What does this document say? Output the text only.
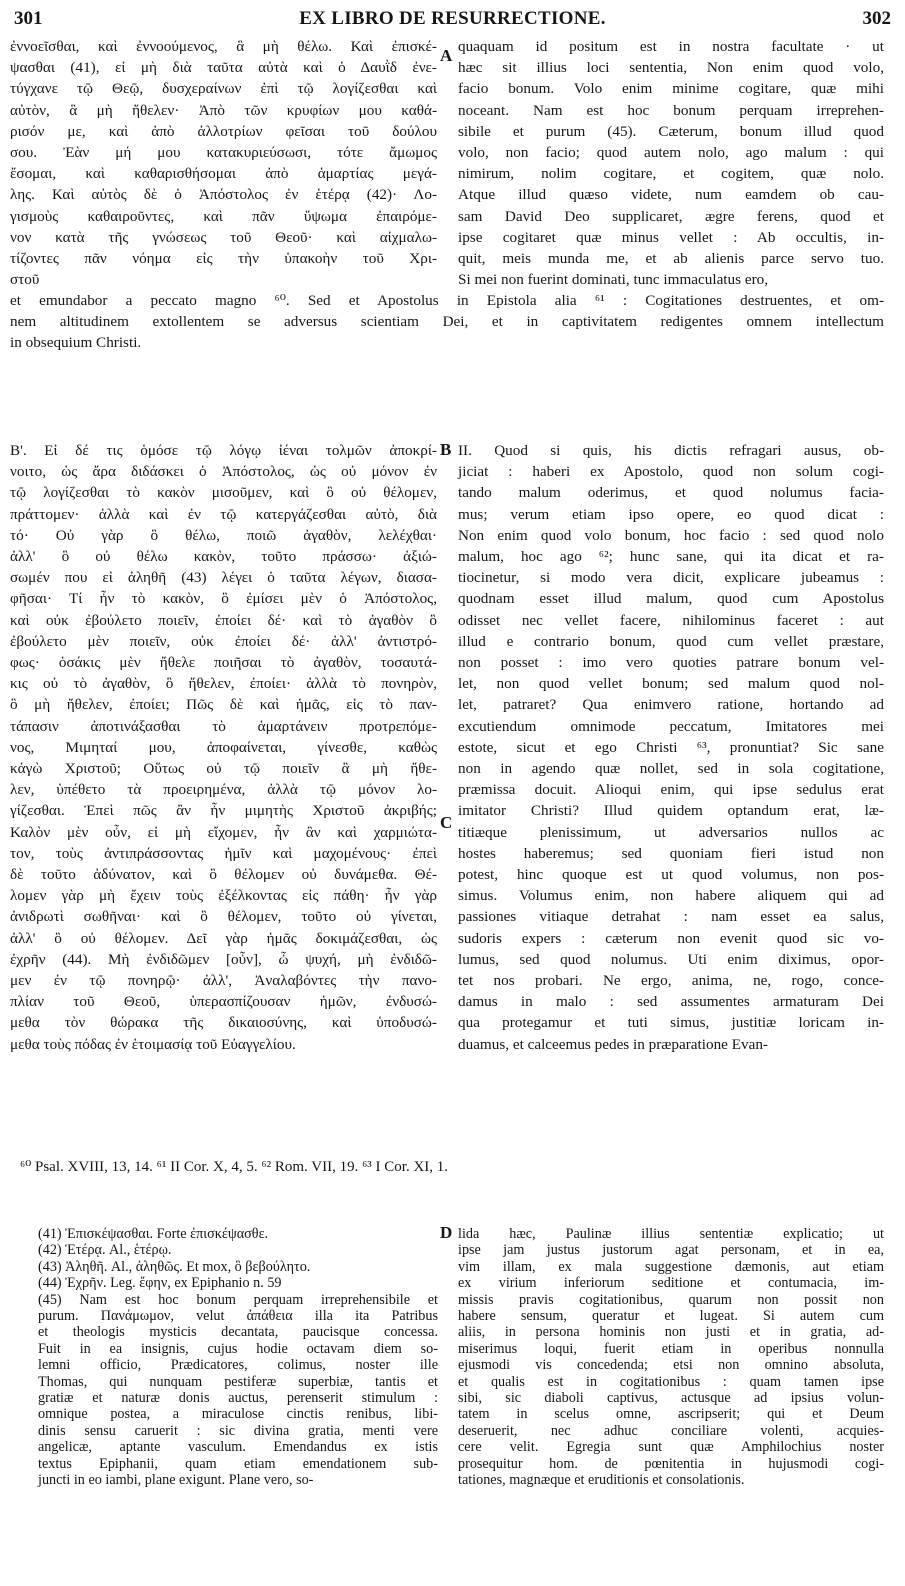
301	EX LIBRO DE RESURRECTIONE.	302
A
B
C
D

ἐννοεῖσθαι, καὶ ἐννοούμενος, ἃ μὴ θέλω. Καὶ ἐπισκέ-

ψασθαι (41), εἰ μὴ διὰ ταῦτα αὐτὰ καὶ ὁ Δαυῒδ ἐνε-

τύγχανε τῷ Θεῷ, δυσχεραίνων ἐπὶ τῷ λογίζεσθαι καὶ

αὐτὸν, ἃ μὴ ἤθελεν· Ἀπὸ τῶν κρυφίων μου καθά-

ρισόν με, καὶ ἀπὸ ἀλλοτρίων φεῖσαι τοῦ δούλου

σου. Ἐὰν μή μου κατακυριεύσωσι, τότε ἄμωμος

ἔσομαι, καὶ καθαρισθήσομαι ἀπὸ ἁμαρτίας μεγά-

λης. Καὶ αὐτὸς δὲ ὁ Ἀπόστολος ἐν ἑτέρᾳ (42)· Λο-

γισμοὺς καθαιροῦντες, καὶ πᾶν ὕψωμα ἐπαιρόμε-

νον κατὰ τῆς γνώσεως τοῦ Θεοῦ· καὶ αἰχμαλω-

τίζοντες πᾶν νόημα εἰς τὴν ὑπακοὴν τοῦ Χρι-

στοῦ

quaquam id positum est in nostra facultate · ut

hæc sit illius loci sententia, Non enim quod volo,

facio bonum. Volo enim minime cogitare, quæ mihi

noceant. Nam est hoc bonum perquam irreprehen-

sibile et purum (45). Cæterum, bonum illud quod

volo, non facio; quod autem nolo, ago malum : qui

nimirum, nolim cogitare, et cogitem, quæ nolo.

Atque illud quæso videte, num eamdem ob cau-

sam David Deo supplicaret, ægre ferens, quod et

ipse cogitaret quæ minus vellet : Ab occultis, in-

quit, meis munda me, et ab alienis parce servo tuo.

Si mei non fuerint dominati, tunc immaculatus ero,

et emundabor a peccato magno ⁶⁰. Sed et Apostolus in Epistola alia ⁶¹ : Cogitationes destruentes, et om-

nem altitudinem extollentem se adversus scientiam Dei, et in captivitatem redigentes omnem intellectum

in obsequium Christi.

Β'. Εἰ δέ τις ὁμόσε τῷ λόγῳ ἰέναι τολμῶν ἀποκρί-

νοιτο, ὡς ἄρα διδάσκει ὁ Ἀπόστολος, ὡς οὐ μόνον ἐν

τῷ λογίζεσθαι τὸ κακὸν μισοῦμεν, καὶ ὃ οὐ θέλομεν,

πράττομεν· ἀλλὰ καὶ ἐν τῷ κατεργάζεσθαι αὐτὸ, διὰ

τό· Οὐ γὰρ ὃ θέλω, ποιῶ ἀγαθὸν, λελέχθαι·

ἀλλ' ὃ οὐ θέλω κακὸν, τοῦτο πράσσω· ἀξιώ-

σωμέν που εἰ ἀληθῆ (43) λέγει ὁ ταῦτα λέγων, διασα-

φῆσαι· Τί ἦν τὸ κακὸν, ὃ ἐμίσει μὲν ὁ Ἀπόστολος,

καὶ οὐκ ἐβούλετο ποιεῖν, ἐποίει δέ· καὶ τὸ ἀγαθὸν ὃ

ἐβούλετο μὲν ποιεῖν, οὐκ ἐποίει δέ· ἀλλ' ἀντιστρό-

φως· ὁσάκις μὲν ἤθελε ποιῆσαι τὸ ἀγαθὸν, τοσαυτά-

κις οὐ τὸ ἀγαθὸν, ὃ ἤθελεν, ἐποίει· ἀλλὰ τὸ πονηρὸν,

ὃ μὴ ἤθελεν, ἐποίει; Πῶς δὲ καὶ ἡμᾶς, εἰς τὸ παν-

τάπασιν ἀποτινάξασθαι τὸ ἁμαρτάνειν προτρεπόμε-

νος, Μιμηταί μου, ἀποφαίνεται, γίνεσθε, καθὼς

κἀγὼ Χριστοῦ; Οὕτως οὐ τῷ ποιεῖν ἃ μὴ ἤθε-

λεν, ὑπέθετο τὰ προειρημένα, ἀλλὰ τῷ μόνον λο-

γίζεσθαι. Ἐπεὶ πῶς ἂν ἦν μιμητὴς Χριστοῦ ἀκριβής;

Καλὸν μὲν οὖν, εἰ μὴ εἴχομεν, ἦν ἂν καὶ χαρμιώτα-

τον, τοὺς ἀντιπράσσοντας ἡμῖν καὶ μαχομένους· ἐπεὶ

δὲ τοῦτο ἀδύνατον, καὶ ὃ θέλομεν οὐ δυνάμεθα. Θέ-

λομεν γὰρ μὴ ἔχειν τοὺς ἐξέλκοντας εἰς πάθη· ἦν γὰρ

ἀνιδρωτὶ σωθῆναι· καὶ ὃ θέλομεν, τοῦτο οὐ γίνεται,

ἀλλ' ὃ οὐ θέλομεν. Δεῖ γὰρ ἡμᾶς δοκιμάζεσθαι, ὡς

ἐχρῆν (44). Μὴ ἐνδιδῶμεν [οὖν], ὦ ψυχή, μὴ ἐνδιδῶ-

μεν ἐν τῷ πονηρῷ· ἀλλ', Ἀναλαβόντες τὴν πανο-

πλίαν τοῦ Θεοῦ, ὑπερασπίζουσαν ἡμῶν, ἐνδυσώ-

μεθα τὸν θώρακα τῆς δικαιοσύνης, καὶ ὑποδυσώ-

μεθα τοὺς πόδας ἐν ἑτοιμασίᾳ τοῦ Εὐαγγελίου.

II. Quod si quis, his dictis refragari ausus, ob-

jiciat : haberi ex Apostolo, quod non solum cogi-

tando malum oderimus, et quod nolumus facia-

mus; verum etiam ipso opere, eo quod dicat :

Non enim quod volo bonum, hoc facio : sed quod nolo

malum, hoc ago ⁶²; hunc sane, qui ita dicat et ra-

tiocinetur, si modo vera dicit, explicare jubeamus :

quodnam esset illud malum, quod cum Apostolus

odisset nec vellet facere, nihilominus faceret : aut

illud e contrario bonum, quod cum vellet præstare,

non posset : imo vero quoties patrare bonum vel-

let, non quod vellet bonum; sed malum quod nol-

let, patraret? Qua enimvero ratione, hortando ad

excutiendum omnimode peccatum, Imitatores mei

estote, sicut et ego Christi ⁶³, pronuntiat? Sic sane

non in agendo quæ nollet, sed in sola cogitatione,

præmissa docuit. Alioqui enim, qui ipse sedulus erat

imitator Christi? Illud quidem optandum erat, læ-

titiæque plenissimum, ut adversarios nullos ac

hostes haberemus; sed quoniam fieri istud non

potest, hinc quoque est ut quod volumus, non pos-

simus. Volumus enim, non habere aliquem qui ad

passiones vitiaque detrahat : nam esset ea salus,

sudoris expers : cæterum non evenit quod sic vo-

lumus, sed quod nolumus. Uti enim diximus, opor-

tet nos probari. Ne ergo, anima, ne, rogo, conce-

damus in malo : sed assumentes armaturam Dei

qua protegamur et tuti simus, justitiæ loricam in-

duamus, et calceemus pedes in præparatione Evan-

⁶⁰ Psal. XVIII, 13, 14. ⁶¹ II Cor. X, 4, 5. ⁶² Rom. VII, 19. ⁶³ I Cor. XI, 1.

(41) Ἐπισκέψασθαι. Forte ἐπισκέψασθε.

(42) Ἑτέρᾳ. Al., ἑτέρῳ.

(43) Ἀληθῆ. Al., ἀληθῶς. Et mox, ὃ βεβούλητο.

(44) Ἐχρῆν. Leg. ἔφην, ex Epiphanio n. 59

(45) Nam est hoc bonum perquam irreprehensibile et

purum. Πανάμωμον, velut ἀπάθεια illa ita Patribus

et theologis mysticis decantata, paucisque concessa.

Fuit in ea insignis, cujus hodie octavam diem so-

lemni officio, Prædicatores, colimus, noster ille

Thomas, qui nunquam pestiferæ superbiæ, tantis et

gratiæ et naturæ donis auctus, perenserit stimulum :

omnique postea, a miraculose cinctis renibus, libi-

dinis sensu caruerit : sic divina gratia, menti vere

angelicæ, aptante vasculum. Emendandus ex istis

textus Epiphanii, quam etiam emendationem sub-

juncti in eo iambi, plane exigunt. Plane vero, so-

lida hæc, Paulinæ illius sententiæ explicatio; ut

ipse jam justus justorum agat personam, et in ea,

vim illam, ex mala suggestione dæmonis, aut etiam

ex virium inferiorum seditione et contumacia, im-

missis pravis cogitationibus, quarum non possit non

habere sensum, queratur et lugeat. Si autem cum

aliis, in persona hominis non justi et in gratia, ad-

miserimus loqui, fuerit etiam in operibus nonnulla

ejusmodi vis concedenda; etsi non omnino absoluta,

et qualis est in cogitationibus : quam tamen ipse

sibi, sic diaboli captivus, actusque ad ipsius volun-

tatem in scelus omne, ascripserit; qui et Deum

deseruerit, nec adhuc conciliare volenti, acquies-

cere velit. Egregia sunt quæ Amphilochius noster

prosequitur hom. de pœnitentia in hujusmodi cogi-

tationes, magnæque et eruditionis et consolationis.
